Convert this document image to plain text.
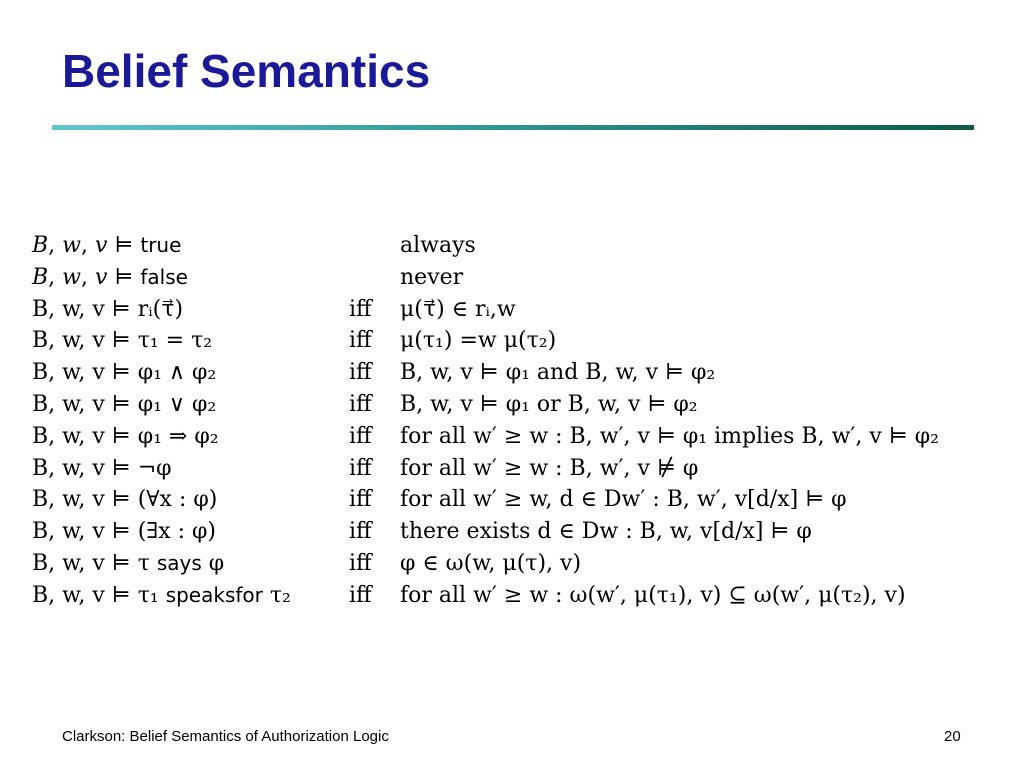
Belief Semantics
B, w, v ⊨ true	always
B, w, v ⊨ false	never
B, w, v ⊨ rᵢ(τ⃗)	iff μ(τ⃗) ∈ rᵢ,w
B, w, v ⊨ τ₁ = τ₂	iff μ(τ₁) =w μ(τ₂)
B, w, v ⊨ φ₁ ∧ φ₂	iff B, w, v ⊨ φ₁ and B, w, v ⊨ φ₂
B, w, v ⊨ φ₁ ∨ φ₂	iff B, w, v ⊨ φ₁ or B, w, v ⊨ φ₂
B, w, v ⊨ φ₁ ⇒ φ₂	iff for all w′ ≥ w : B, w′, v ⊨ φ₁ implies B, w′, v ⊨ φ₂
B, w, v ⊨ ¬φ	iff for all w′ ≥ w : B, w′, v ⊭ φ
B, w, v ⊨ (∀x : φ)	iff for all w′ ≥ w, d ∈ Dw′ : B, w′, v[d/x] ⊨ φ
B, w, v ⊨ (∃x : φ)	iff there exists d ∈ Dw : B, w, v[d/x] ⊨ φ
B, w, v ⊨ τ says φ	iff φ ∈ ω(w, μ(τ), v)
B, w, v ⊨ τ₁ speaksfor τ₂	iff for all w′ ≥ w : ω(w′, μ(τ₁), v) ⊆ ω(w′, μ(τ₂), v)
Clarkson: Belief Semantics of Authorization Logic	20
